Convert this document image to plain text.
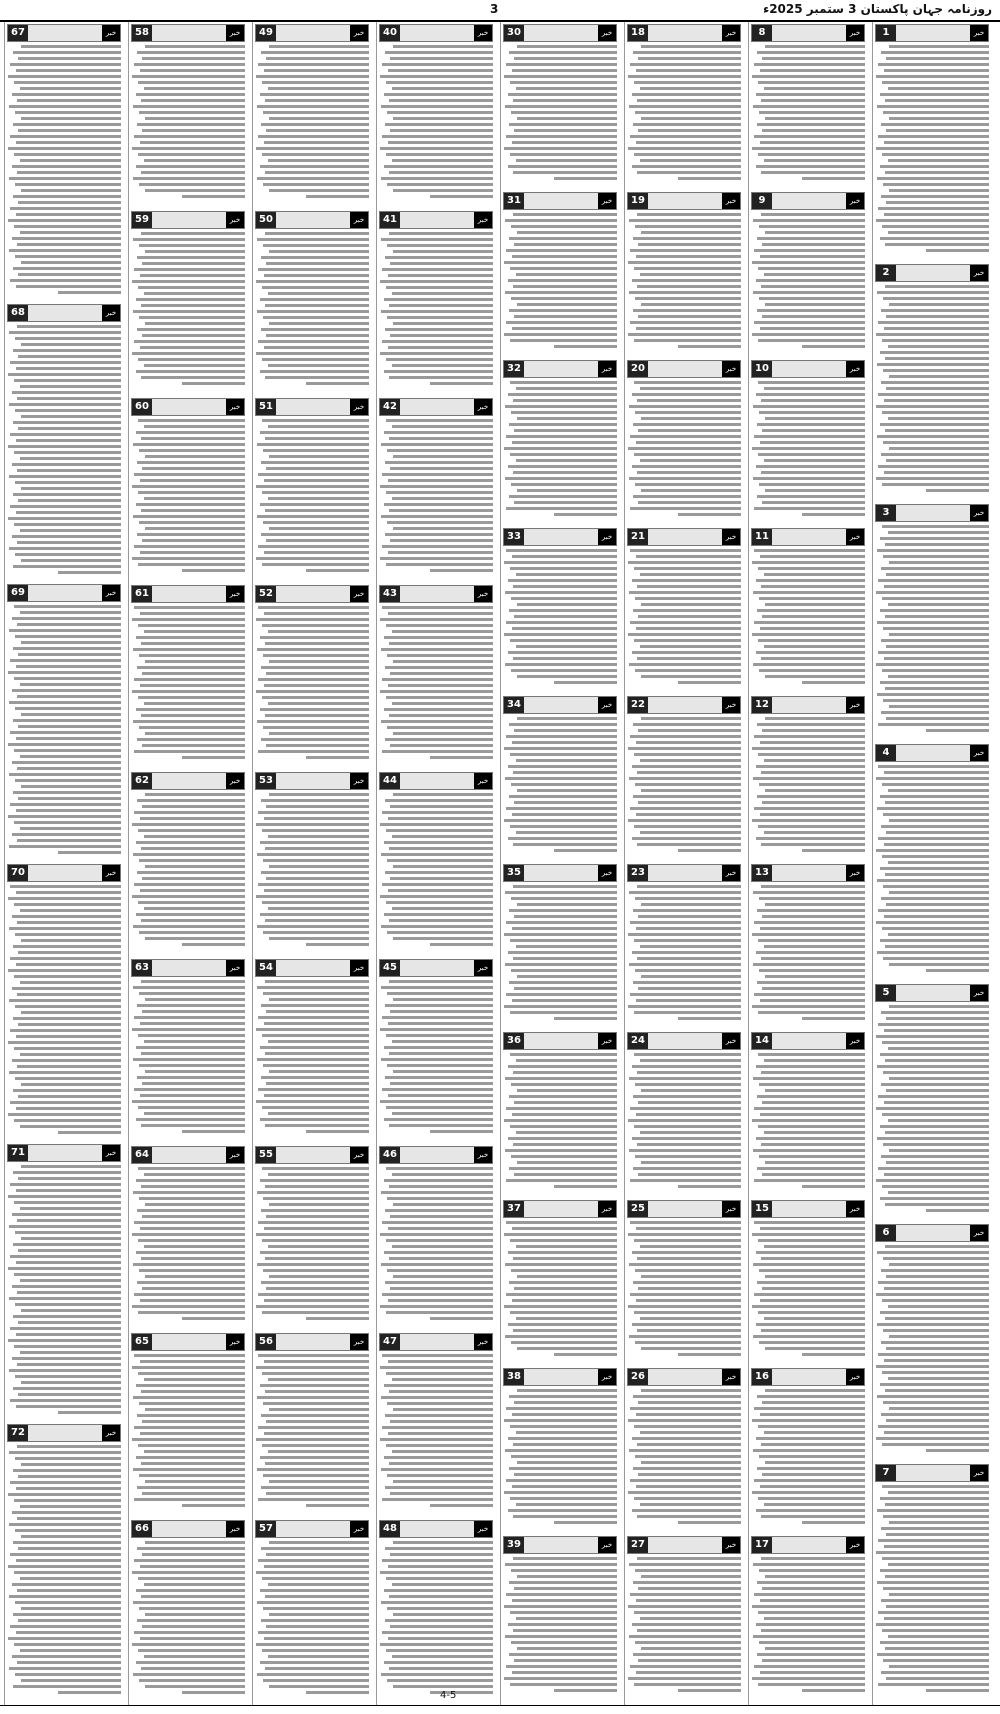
3	روزنامہ جہان پاکستان 3 ستمبر 2025ء
خبر
1
خبر
2
خبر
3
خبر
4
خبر
5
خبر
6
خبر
7
خبر
8
خبر
9
خبر
10
خبر
11
خبر
12
خبر
13
خبر
14
خبر
15
خبر
16
خبر
17
خبر
18
خبر
19
خبر
20
خبر
21
خبر
22
خبر
23
خبر
24
خبر
25
خبر
26
خبر
27
خبر
30
خبر
31
خبر
32
خبر
33
خبر
34
خبر
35
خبر
36
خبر
37
خبر
38
خبر
39
خبر
40
خبر
41
خبر
42
خبر
43
خبر
44
خبر
45
خبر
46
خبر
47
خبر
48
خبر
49
خبر
50
خبر
51
خبر
52
خبر
53
خبر
54
خبر
55
خبر
56
خبر
57
خبر
58
خبر
59
خبر
60
خبر
61
خبر
62
خبر
63
خبر
64
خبر
65
خبر
66
خبر
67
خبر
68
خبر
69
خبر
70
خبر
71
خبر
72
4-5
